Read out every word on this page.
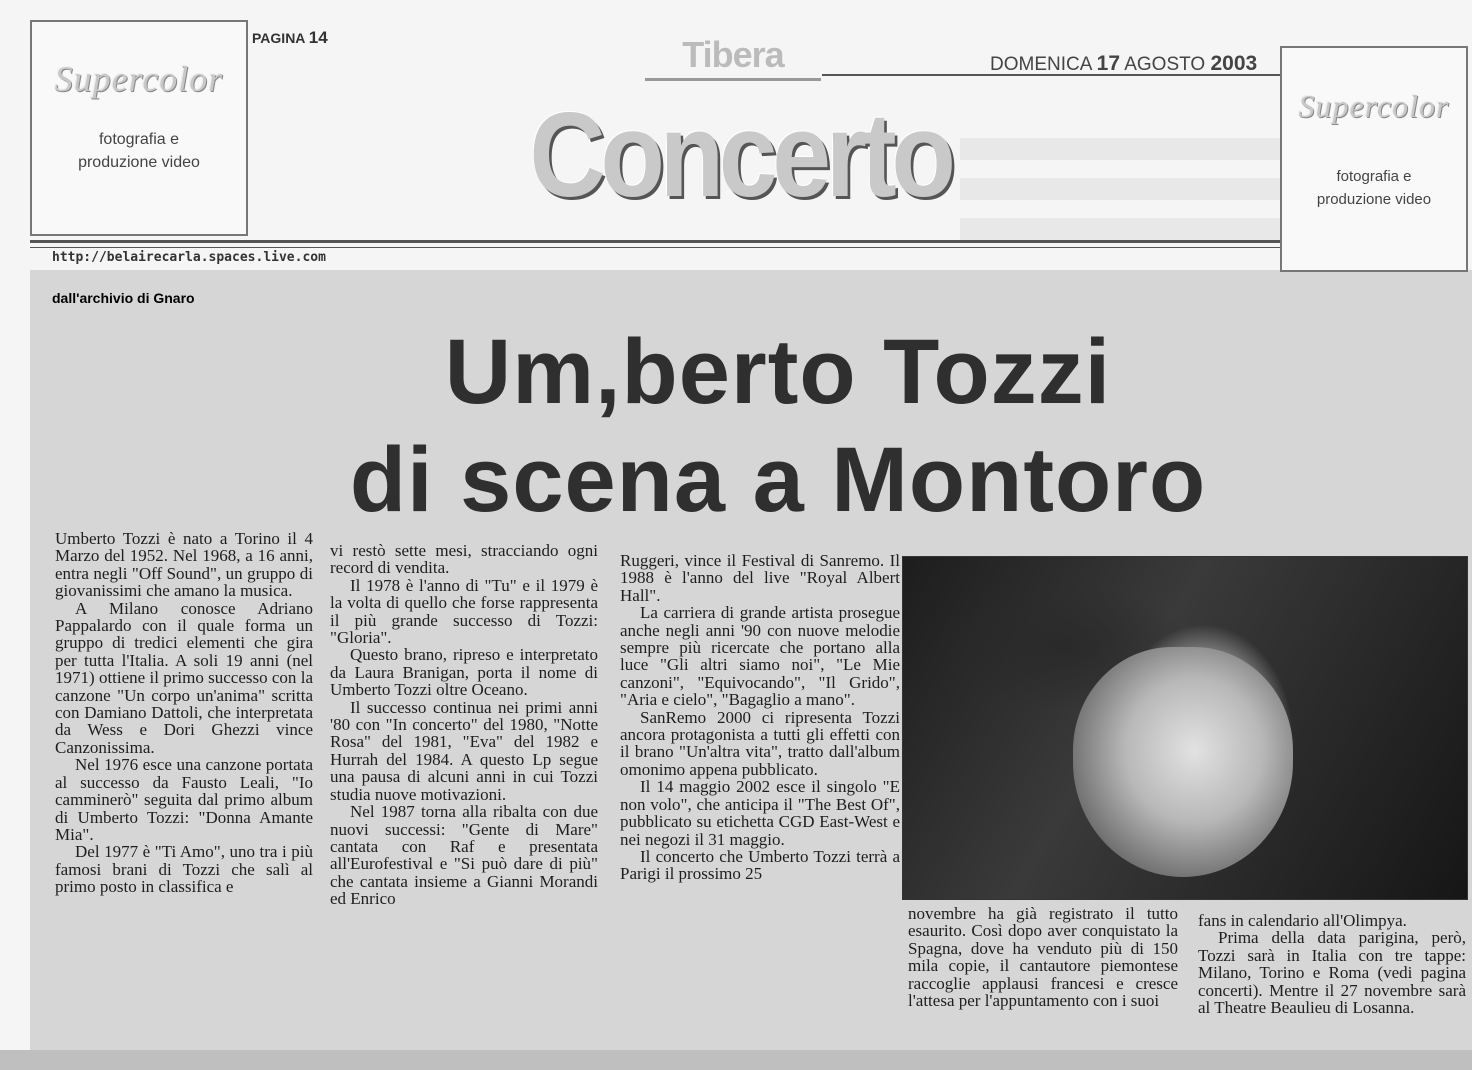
Supercolor
fotografia e
produzione video
PAGINA 14	Tibera	DOMENICA 17 AGOSTO 2003
Concerto	Supercolor
fotografia e
produzione video
http://belairecarla.spaces.live.com
dall'archivio di Gnaro
Um,berto Tozzi
di scena a Montoro

Umberto Tozzi è nato a Torino il 4 Marzo del 1952. Nel 1968, a 16 anni, entra negli "Off Sound", un gruppo di giovanissimi che amano la musica.

A Milano conosce Adriano Pappalardo con il quale forma un gruppo di tredici elementi che gira per tutta l'Italia. A soli 19 anni (nel 1971) ottiene il primo successo con la canzone "Un corpo un'anima" scritta con Damiano Dattoli, che interpretata da Wess e Dori Ghezzi vince Canzonissima.

Nel 1976 esce una canzone portata al successo da Fausto Leali, "Io camminerò" seguita dal primo album di Umberto Tozzi: "Donna Amante Mia".

Del 1977 è "Ti Amo", uno tra i più famosi brani di Tozzi che salì al primo posto in classifica e

vi restò sette mesi, stracciando ogni record di vendita.

Il 1978 è l'anno di "Tu" e il 1979 è la volta di quello che forse rappresenta il più grande successo di Tozzi: "Gloria".

Questo brano, ripreso e interpretato da Laura Branigan, porta il nome di Umberto Tozzi oltre Oceano.

Il successo continua nei primi anni '80 con "In concerto" del 1980, "Notte Rosa" del 1981, "Eva" del 1982 e Hurrah del 1984. A questo Lp segue una pausa di alcuni anni in cui Tozzi studia nuove motivazioni.

Nel 1987 torna alla ribalta con due nuovi successi: "Gente di Mare" cantata con Raf e presentata all'Eurofestival e "Si può dare di più" che cantata insieme a Gianni Morandi ed Enrico

Ruggeri, vince il Festival di Sanremo. Il 1988 è l'anno del live "Royal Albert Hall".

La carriera di grande artista prosegue anche negli anni '90 con nuove melodie sempre più ricercate che portano alla luce "Gli altri siamo noi", "Le Mie canzoni", "Equivocando", "Il Grido", "Aria e cielo", "Bagaglio a mano".

SanRemo 2000 ci ripresenta Tozzi ancora protagonista a tutti gli effetti con il brano "Un'altra vita", tratto dall'album omonimo appena pubblicato.

Il 14 maggio 2002 esce il singolo "E non volo", che anticipa il "The Best Of", pubblicato su etichetta CGD East-West e nei negozi il 31 maggio.

Il concerto che Umberto Tozzi terrà a Parigi il prossimo 25

novembre ha già registrato il tutto esaurito. Così dopo aver conquistato la Spagna, dove ha venduto più di 150 mila copie, il cantautore piemontese raccoglie applausi francesi e cresce l'attesa per l'appuntamento con i suoi

fans in calendario all'Olimpya.

Prima della data parigina, però, Tozzi sarà in Italia con tre tappe: Milano, Torino e Roma (vedi pagina concerti). Mentre il 27 novembre sarà al Theatre Beaulieu di Losanna.
